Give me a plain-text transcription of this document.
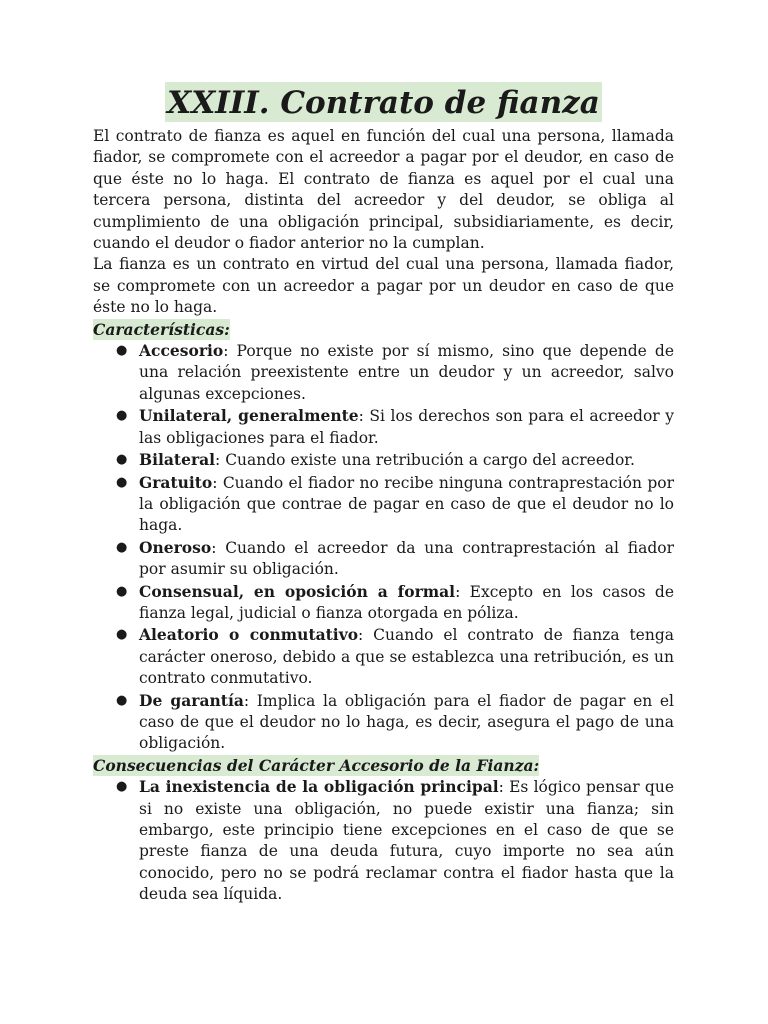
XXIII. Contrato de fianza

El contrato de fianza es aquel en función del cual una persona, llamada fiador, se compromete con el acreedor a pagar por el deudor, en caso de que éste no lo haga. El contrato de fianza es aquel por el cual una tercera persona, distinta del acreedor y del deudor, se obliga al cumplimiento de una obligación principal, subsidiariamente, es decir, cuando el deudor o fiador anterior no la cumplan.

La fianza es un contrato en virtud del cual una persona, llamada fiador, se compromete con un acreedor a pagar por un deudor en caso de que éste no lo haga.

Características:
● Accesorio: Porque no existe por sí mismo, sino que depende de una relación preexistente entre un deudor y un acreedor, salvo algunas excepciones.
● Unilateral, generalmente: Si los derechos son para el acreedor y las obligaciones para el fiador.
● Bilateral: Cuando existe una retribución a cargo del acreedor.
● Gratuito: Cuando el fiador no recibe ninguna contraprestación por la obligación que contrae de pagar en caso de que el deudor no lo haga.
● Oneroso: Cuando el acreedor da una contraprestación al fiador por asumir su obligación.
● Consensual, en oposición a formal: Excepto en los casos de fianza legal, judicial o fianza otorgada en póliza.
● Aleatorio o conmutativo: Cuando el contrato de fianza tenga carácter oneroso, debido a que se establezca una retribución, es un contrato conmutativo.
● De garantía: Implica la obligación para el fiador de pagar en el caso de que el deudor no lo haga, es decir, asegura el pago de una obligación.
Consecuencias del Carácter Accesorio de la Fianza:
● La inexistencia de la obligación principal: Es lógico pensar que si no existe una obligación, no puede existir una fianza; sin embargo, este principio tiene excepciones en el caso de que se preste fianza de una deuda futura, cuyo importe no sea aún conocido, pero no se podrá reclamar contra el fiador hasta que la deuda sea líquida.
